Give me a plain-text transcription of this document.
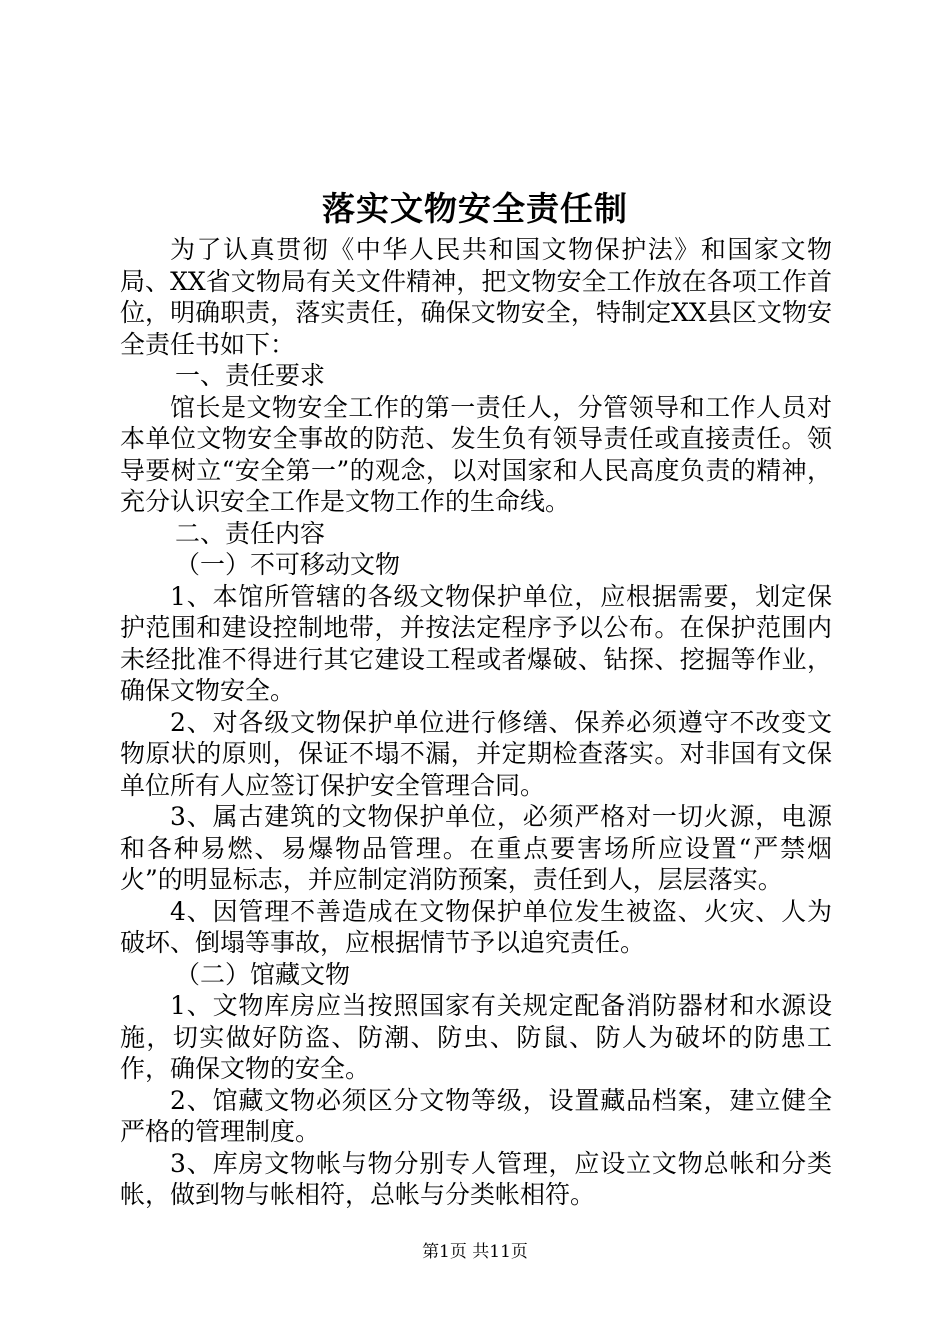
落实文物安全责任制

为了认真贯彻《中华人民共和国文物保护法》和国家文物局、XX省文物局有关文件精神，把文物安全工作放在各项工作首位，明确职责，落实责任，确保文物安全，特制定XX县区文物安全责任书如下：

一、责任要求

馆长是文物安全工作的第一责任人，分管领导和工作人员对本单位文物安全事故的防范、发生负有领导责任或直接责任。领导要树立“安全第一”的观念，以对国家和人民高度负责的精神，充分认识安全工作是文物工作的生命线。

二、责任内容

（一）不可移动文物

1、本馆所管辖的各级文物保护单位，应根据需要，划定保护范围和建设控制地带，并按法定程序予以公布。在保护范围内未经批准不得进行其它建设工程或者爆破、钻探、挖掘等作业，确保文物安全。

2、对各级文物保护单位进行修缮、保养必须遵守不改变文物原状的原则，保证不塌不漏，并定期检查落实。对非国有文保单位所有人应签订保护安全管理合同。

3、属古建筑的文物保护单位，必须严格对一切火源，电源和各种易燃、易爆物品管理。在重点要害场所应设置“严禁烟火”的明显标志，并应制定消防预案，责任到人，层层落实。

4、因管理不善造成在文物保护单位发生被盗、火灾、人为破坏、倒塌等事故，应根据情节予以追究责任。

（二）馆藏文物

1、文物库房应当按照国家有关规定配备消防器材和水源设施，切实做好防盗、防潮、防虫、防鼠、防人为破坏的防患工作，确保文物的安全。

2、馆藏文物必须区分文物等级，设置藏品档案，建立健全严格的管理制度。

3、库房文物帐与物分别专人管理，应设立文物总帐和分类帐，做到物与帐相符，总帐与分类帐相符。

第1页 共11页
